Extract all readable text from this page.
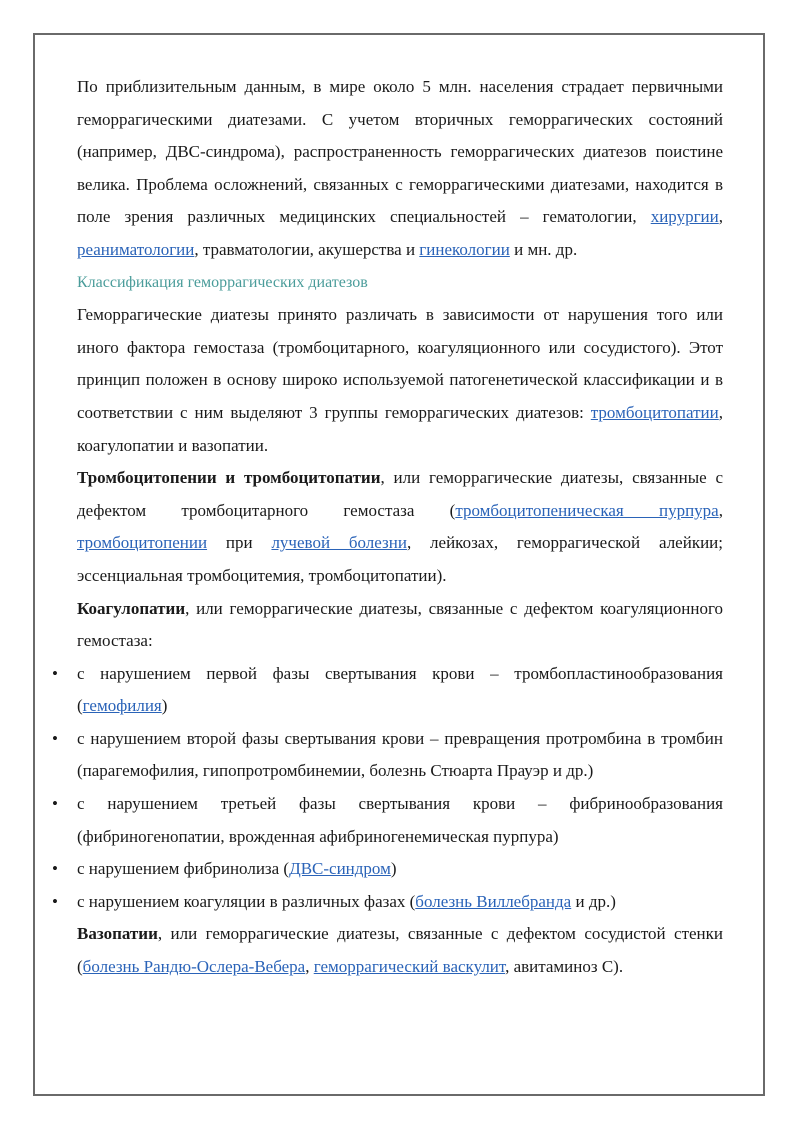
По приблизительным данным, в мире около 5 млн. населения страдает первичными геморрагическими диатезами. С учетом вторичных геморрагических состояний (например, ДВС-синдрома), распространенность геморрагических диатезов поистине велика. Проблема осложнений, связанных с геморрагическими диатезами, находится в поле зрения различных медицинских специальностей – гематологии, хирургии, реаниматологии, травматологии, акушерства и гинекологии и мн. др.

Классификация геморрагических диатезов

Геморрагические диатезы принято различать в зависимости от нарушения того или иного фактора гемостаза (тромбоцитарного, коагуляционного или сосудистого). Этот принцип положен в основу широко используемой патогенетической классификации и в соответствии с ним выделяют 3 группы геморрагических диатезов: тромбоцитопатии, коагулопатии и вазопатии.

Тромбоцитопении и тромбоцитопатии, или геморрагические диатезы, связанные с дефектом тромбоцитарного гемостаза (тромбоцитопеническая пурпура, тромбоцитопении при лучевой болезни, лейкозах, геморрагической алейкии; эссенциальная тромбоцитемия, тромбоцитопатии).

Коагулопатии, или геморрагические диатезы, связанные с дефектом коагуляционного гемостаза:

• с нарушением первой фазы свертывания крови – тромбопластинообразования (гемофилия)
• с нарушением второй фазы свертывания крови – превращения протромбина в тромбин (парагемофилия, гипопротромбинемии, болезнь Стюарта Прауэр и др.)
• с нарушением третьей фазы свертывания крови – фибринообразования (фибриногенопатии, врожденная афибриногенемическая пурпура)
• с нарушением фибринолиза (ДВС-синдром)
• с нарушением коагуляции в различных фазах (болезнь Виллебранда и др.)

Вазопатии, или геморрагические диатезы, связанные с дефектом сосудистой стенки (болезнь Рандю-Ослера-Вебера, геморрагический васкулит, авитаминоз С).
